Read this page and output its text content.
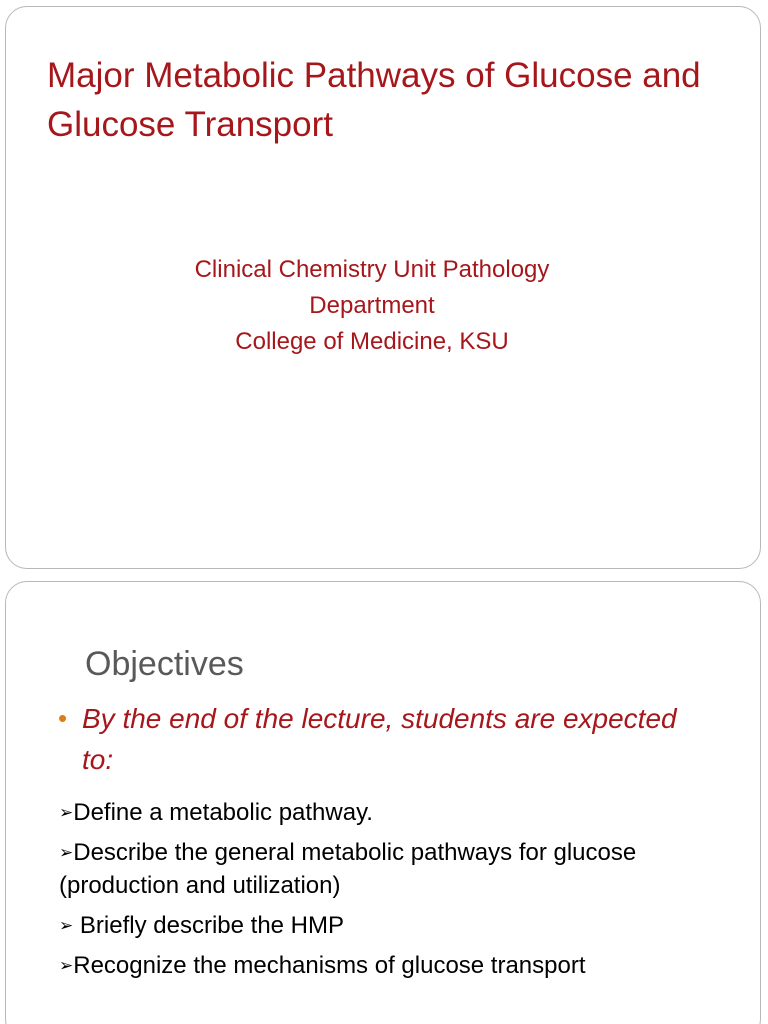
Major Metabolic Pathways of Glucose and Glucose Transport
Clinical Chemistry Unit Pathology
Department
College of Medicine, KSU
Objectives
• By the end of the lecture, students are expected to:
➢Define a metabolic pathway.
➢Describe the general metabolic pathways for glucose (production and utilization)
➢ Briefly describe the HMP
➢Recognize the mechanisms of glucose transport
